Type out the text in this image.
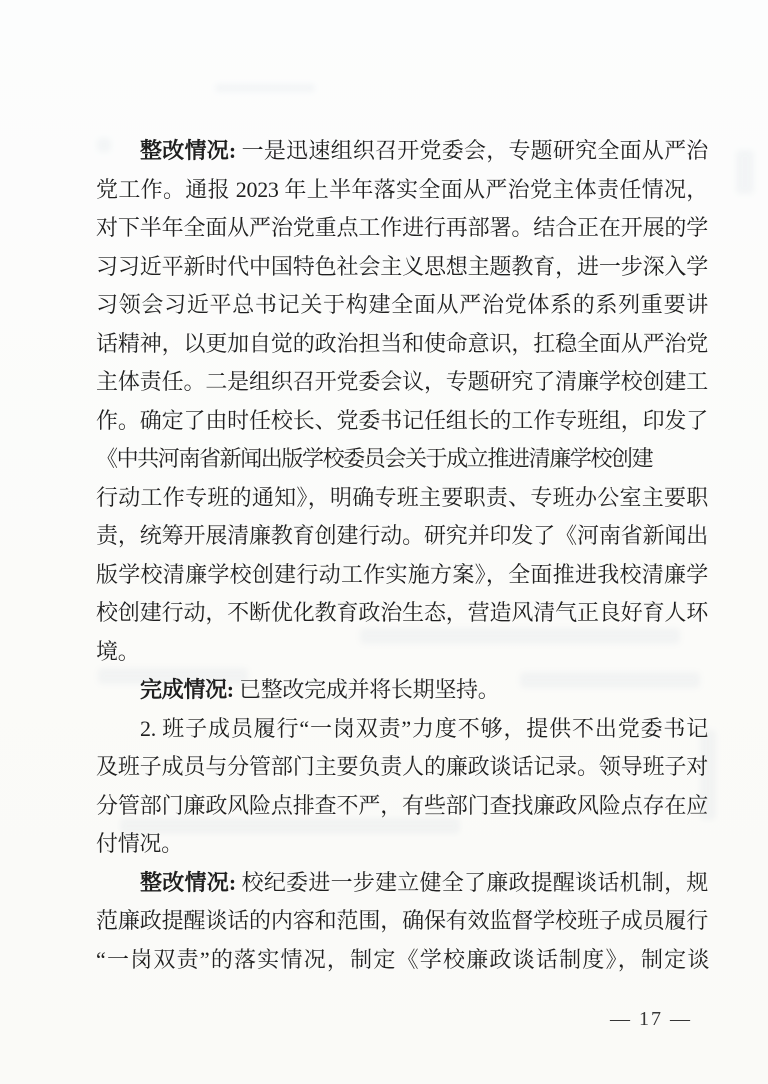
整改情况: 一是迅速组织召开党委会，专题研究全面从严治
党工作。通报 2023 年上半年落实全面从严治党主体责任情况，
对下半年全面从严治党重点工作进行再部署。结合正在开展的学
习习近平新时代中国特色社会主义思想主题教育，进一步深入学
习领会习近平总书记关于构建全面从严治党体系的系列重要讲
话精神，以更加自觉的政治担当和使命意识，扛稳全面从严治党
主体责任。二是组织召开党委会议，专题研究了清廉学校创建工
作。确定了由时任校长、党委书记任组长的工作专班组，印发了
《中共河南省新闻出版学校委员会关于成立推进清廉学校创建
行动工作专班的通知》，明确专班主要职责、专班办公室主要职
责，统筹开展清廉教育创建行动。研究并印发了《河南省新闻出
版学校清廉学校创建行动工作实施方案》，全面推进我校清廉学
校创建行动，不断优化教育政治生态，营造风清气正良好育人环
境。
完成情况: 已整改完成并将长期坚持。
2. 班子成员履行“一岗双责”力度不够，提供不出党委书记
及班子成员与分管部门主要负责人的廉政谈话记录。领导班子对
分管部门廉政风险点排查不严，有些部门查找廉政风险点存在应
付情况。
整改情况: 校纪委进一步建立健全了廉政提醒谈话机制，规
范廉政提醒谈话的内容和范围，确保有效监督学校班子成员履行
“一岗双责”的落实情况，制定《学校廉政谈话制度》，制定谈
— 17 —
